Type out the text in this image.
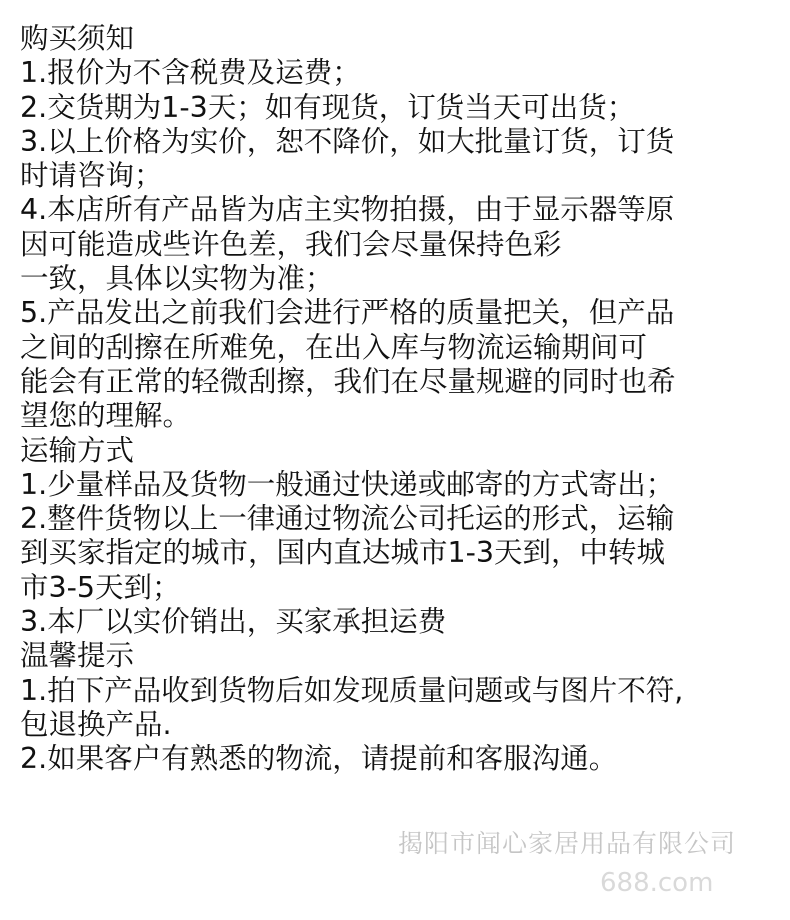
购买须知
1.报价为不含税费及运费；
2.交货期为1-3天；如有现货，订货当天可出货；
3.以上价格为实价，恕不降价，如大批量订货，订货
时请咨询；
4.本店所有产品皆为店主实物拍摄，由于显示器等原
因可能造成些许色差，我们会尽量保持色彩
一致，具体以实物为准；
5.产品发出之前我们会进行严格的质量把关，但产品
之间的刮擦在所难免，在出入库与物流运输期间可
能会有正常的轻微刮擦，我们在尽量规避的同时也希
望您的理解。
运输方式
1.少量样品及货物一般通过快递或邮寄的方式寄出；
2.整件货物以上一律通过物流公司托运的形式，运输
到买家指定的城市，国内直达城市1-3天到，中转城
市3-5天到；
3.本厂以实价销出，买家承担运费
温馨提示
1.拍下产品收到货物后如发现质量问题或与图片不符,
包退换产品.
2.如果客户有熟悉的物流，请提前和客服沟通。
揭阳市闻心家居用品有限公司
688.com
